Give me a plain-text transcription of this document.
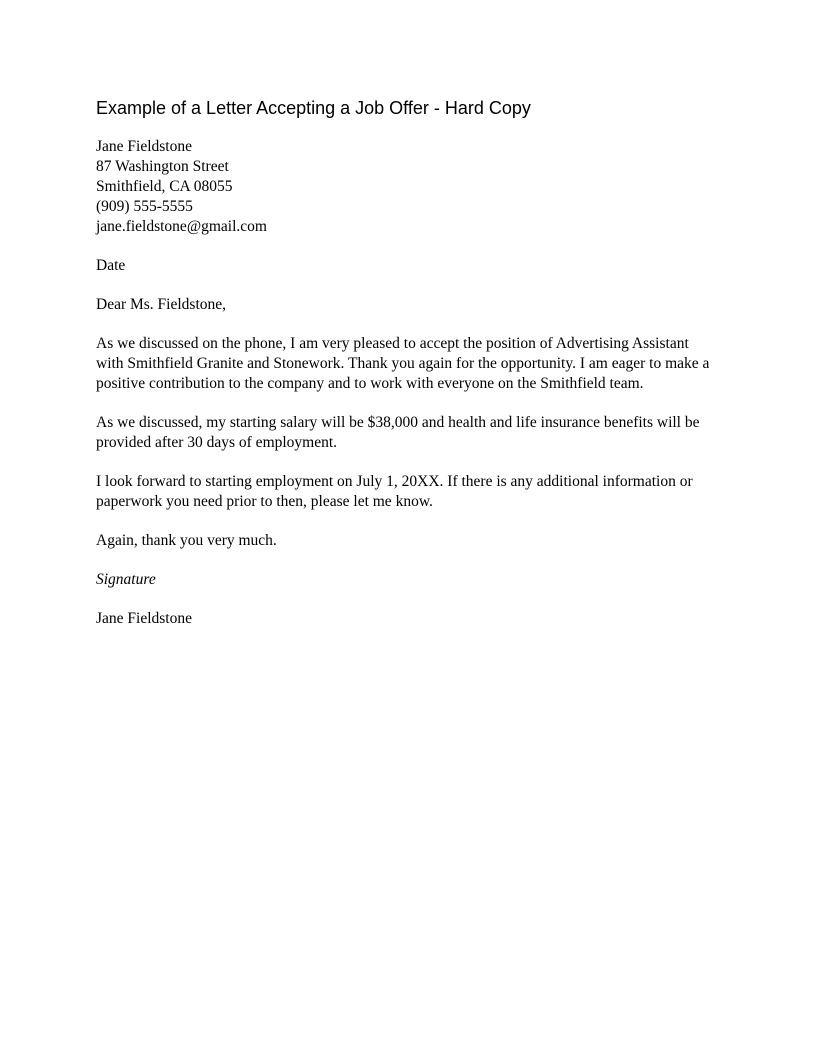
Example of a Letter Accepting a Job Offer - Hard Copy

Jane Fieldstone
87 Washington Street
Smithfield, CA 08055
(909) 555-5555
jane.fieldstone@gmail.com

Date

Dear Ms. Fieldstone,

As we discussed on the phone, I am very pleased to accept the position of Advertising Assistant with Smithfield Granite and Stonework. Thank you again for the opportunity. I am eager to make a positive contribution to the company and to work with everyone on the Smithfield team.

As we discussed, my starting salary will be $38,000 and health and life insurance benefits will be provided after 30 days of employment.

I look forward to starting employment on July 1, 20XX. If there is any additional information or paperwork you need prior to then, please let me know.

Again, thank you very much.

Signature

Jane Fieldstone
